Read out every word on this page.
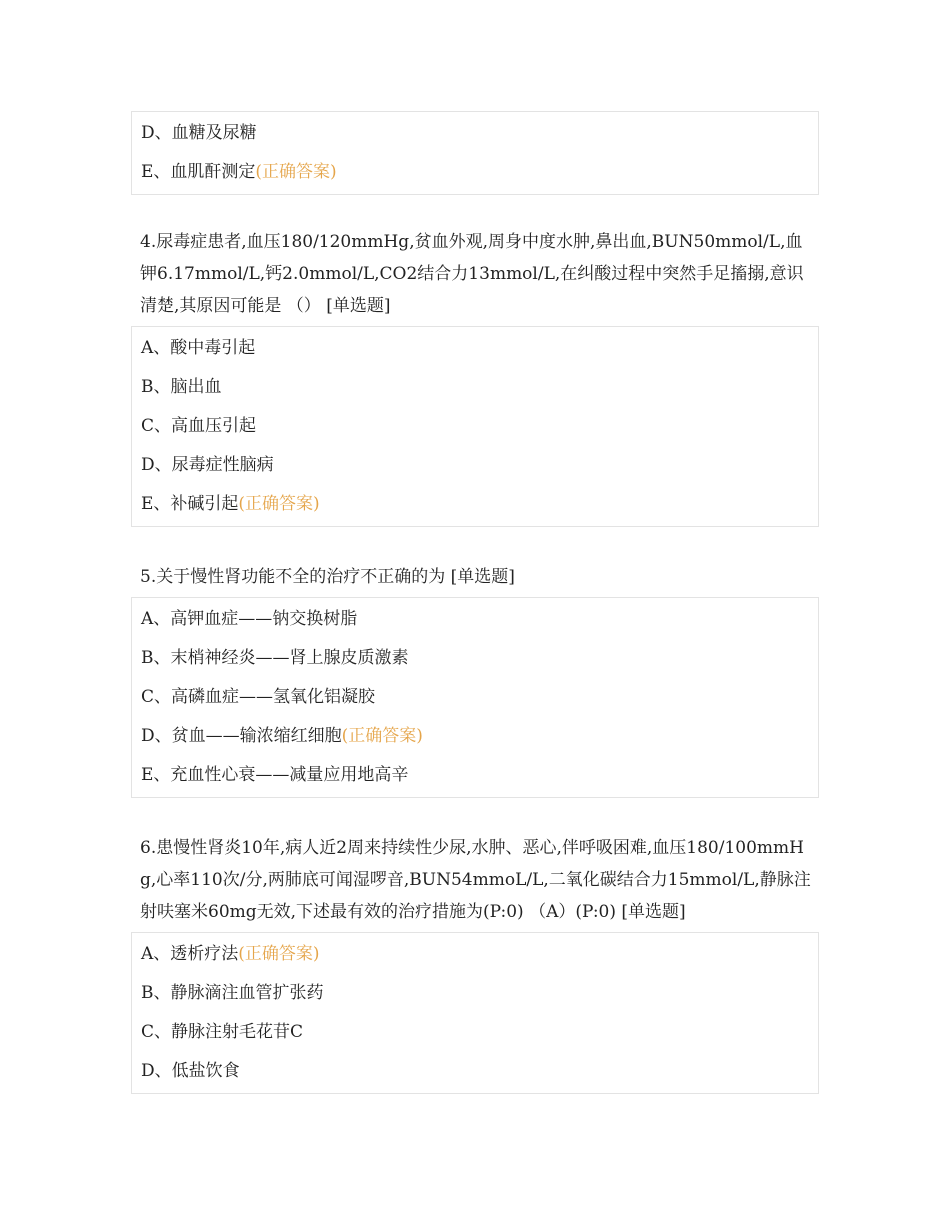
D、血糖及尿糖
E、血肌酐测定(正确答案)
4.尿毒症患者,血压180/120mmHg,贫血外观,周身中度水肿,鼻出血,BUN50mmol/L,血钾6.17mmol/L,钙2.0mmol/L,CO2结合力13mmol/L,在纠酸过程中突然手足搐搦,意识清楚,其原因可能是 （） [单选题]
A、酸中毒引起
B、脑出血
C、高血压引起
D、尿毒症性脑病
E、补碱引起(正确答案)
5.关于慢性肾功能不全的治疗不正确的为 [单选题]
A、高钾血症——钠交换树脂
B、末梢神经炎——肾上腺皮质激素
C、高磷血症——氢氧化铝凝胶
D、贫血——输浓缩红细胞(正确答案)
E、充血性心衰——减量应用地高辛
6.患慢性肾炎10年,病人近2周来持续性少尿,水肿、恶心,伴呼吸困难,血压180/100mmHg,心率110次/分,两肺底可闻湿啰音,BUN54mmoL/L,二氧化碳结合力15mmol/L,静脉注射呋塞米60mg无效,下述最有效的治疗措施为(P:0) （A）(P:0) [单选题]
A、透析疗法(正确答案)
B、静脉滴注血管扩张药
C、静脉注射毛花苷C
D、低盐饮食
